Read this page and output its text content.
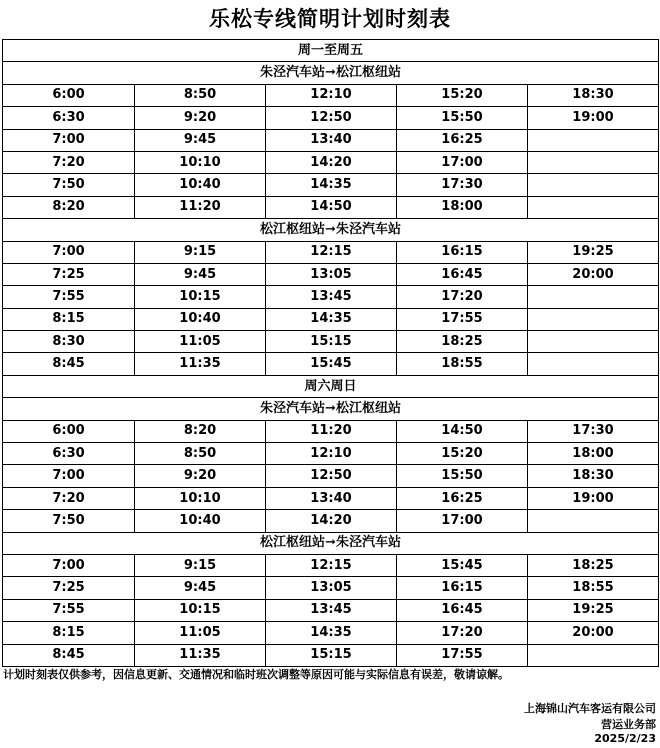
乐松专线简明计划时刻表
周一至周五				
朱泾汽车站➞松江枢纽站				
6:00	8:50	12:10	15:20	18:30
6:30	9:20	12:50	15:50	19:00
7:00	9:45	13:40	16:25	
7:20	10:10	14:20	17:00	
7:50	10:40	14:35	17:30	
8:20	11:20	14:50	18:00	
松江枢纽站➞朱泾汽车站				
7:00	9:15	12:15	16:15	19:25
7:25	9:45	13:05	16:45	20:00
7:55	10:15	13:45	17:20	
8:15	10:40	14:35	17:55	
8:30	11:05	15:15	18:25	
8:45	11:35	15:45	18:55	
周六周日				
朱泾汽车站➞松江枢纽站				
6:00	8:20	11:20	14:50	17:30
6:30	8:50	12:10	15:20	18:00
7:00	9:20	12:50	15:50	18:30
7:20	10:10	13:40	16:25	19:00
7:50	10:40	14:20	17:00	
松江枢纽站➞朱泾汽车站				
7:00	9:15	12:15	15:45	18:25
7:25	9:45	13:05	16:15	18:55
7:55	10:15	13:45	16:45	19:25
8:15	11:05	14:35	17:20	20:00
8:45	11:35	15:15	17:55	
计划时刻表仅供参考，因信息更新、交通情况和临时班次调整等原因可能与实际信息有误差，敬请谅解。
上海锦山汽车客运有限公司
营运业务部
2025/2/23
